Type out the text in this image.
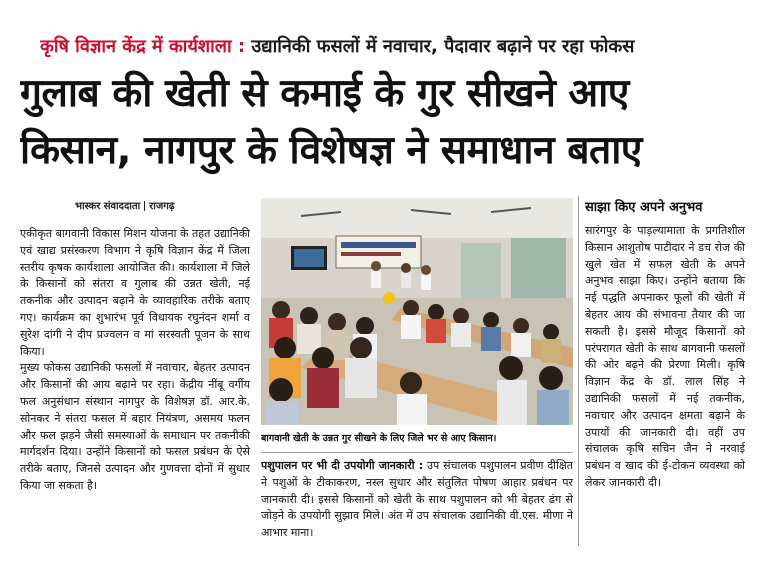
कृषि विज्ञान केंद्र में कार्यशाला : उद्यानिकी फसलों में नवाचार, पैदावार बढ़ाने पर रहा फोकस
गुलाब की खेती से कमाई के गुर सीखने आए
किसान, नागपुर के विशेषज्ञ ने समाधान बताए
भास्कर संवाददाता राजगढ़

एकीकृत बागवानी विकास मिशन योजना के तहत उद्यानिकी एवं खाद्य प्रसंस्करण विभाग ने कृषि विज्ञान केंद्र में जिला स्तरीय कृषक कार्यशाला आयोजित की। कार्यशाला में जिले के किसानों को संतरा व गुलाब की उन्नत खेती, नई तकनीक और उत्पादन बढ़ाने के व्यावहारिक तरीके बताए गए। कार्यक्रम का शुभारंभ पूर्व विधायक रघुनंदन शर्मा व सुरेश दांगी ने दीप प्रज्वलन व मां सरस्वती पूजन के साथ किया।

मुख्य फोकस उद्यानिकी फसलों में नवाचार, बेहतर उत्पादन और किसानों की आय बढ़ाने पर रहा। केंद्रीय नींबू वर्गीय फल अनुसंधान संस्थान नागपुर के विशेषज्ञ डॉ. आर.के. सोनकर ने संतरा फसल में बहार नियंत्रण, असमय फलन और फल झड़ने जैसी समस्याओं के समाधान पर तकनीकी मार्गदर्शन दिया। उन्होंने किसानों को फसल प्रबंधन के ऐसे तरीके बताए, जिनसे उत्पादन और गुणवत्ता दोनों में सुधार किया जा सकता है।

बागवानी खेती के उन्नत गुर सीखने के लिए जिले भर से आए किसान।

पशुपालन पर भी दी उपयोगी जानकारी : उप संचालक पशुपालन प्रवीण दीक्षित ने पशुओं के टीकाकरण, नस्ल सुधार और संतुलित पोषण आहार प्रबंधन पर जानकारी दी। इससे किसानों को खेती के साथ पशुपालन को भी बेहतर ढंग से जोड़ने के उपयोगी सुझाव मिले। अंत में उप संचालक उद्यानिकी वी.एस. मीणा ने आभार माना।

साझा किए अपने अनुभव

सारंगपुर के पाड़ल्यामाता के प्रगतिशील किसान आशुतोष पाटीदार ने डच रोज की खुले खेत में सफल खेती के अपने अनुभव साझा किए। उन्होंने बताया कि नई पद्धति अपनाकर फूलों की खेती में बेहतर आय की संभावना तैयार की जा सकती है। इससे मौजूद किसानों को परंपरागत खेती के साथ बागवानी फसलों की ओर बढ़ने की प्रेरणा मिली। कृषि विज्ञान केंद्र के डॉ. लाल सिंह ने उद्यानिकी फसलों में नई तकनीक, नवाचार और उत्पादन क्षमता बढ़ाने के उपायों की जानकारी दी। वहीं उप संचालक कृषि सचिन जैन ने नरवाई प्रबंधन व खाद की ई-टोकन व्यवस्था को लेकर जानकारी दी।
